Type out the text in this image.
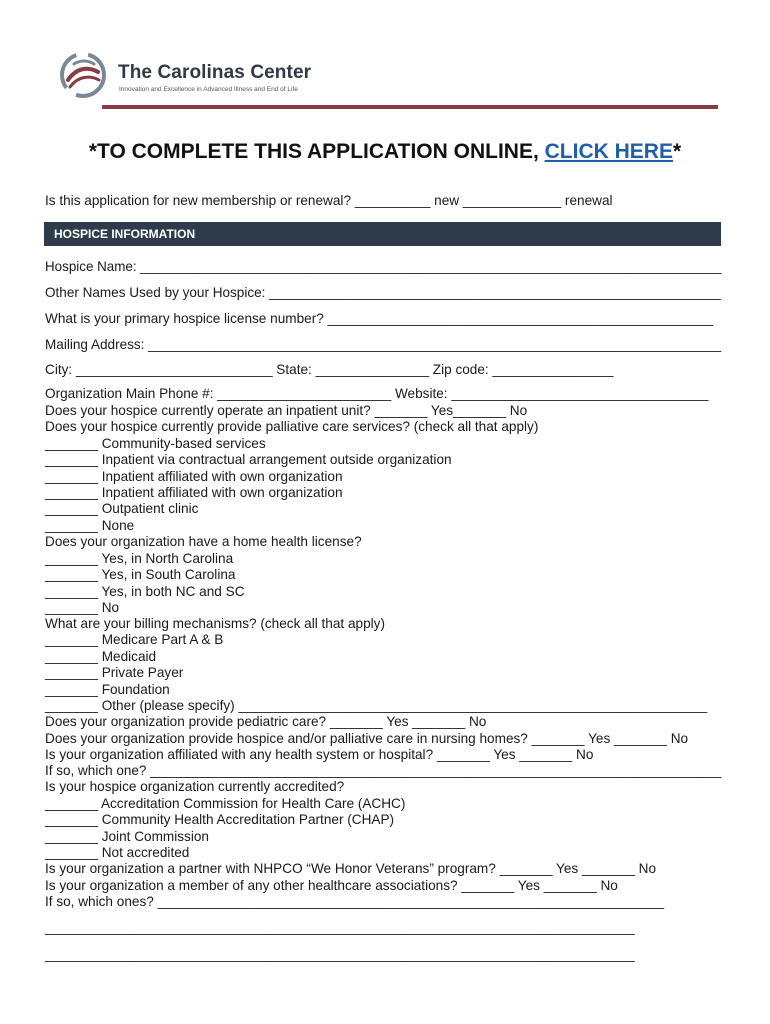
The Carolinas Center
Innovation and Excellence in Advanced Illness and End of Life
*TO COMPLETE THIS APPLICATION ONLINE, CLICK HERE*
HOSPICE INFORMATION
Is this application for new membership or renewal? __________ new _____________ renewal
Hospice Name: ______________________________________________________________________________
Other Names Used by your Hospice: ____________________________________________________________
What is your primary hospice license number? ___________________________________________________
Mailing Address: ____________________________________________________________________________
City: __________________________ State: _______________ Zip code: ________________
Organization Main Phone #: _______________________ Website: __________________________________
Does your hospice currently operate an inpatient unit? _______ Yes_______ No
Does your hospice currently provide palliative care services? (check all that apply)
_______ Community-based services
_______ Inpatient via contractual arrangement outside organization
_______ Inpatient affiliated with own organization
_______ Inpatient affiliated with own organization
_______ Outpatient clinic
_______ None
Does your organization have a home health license?
_______ Yes, in North Carolina
_______ Yes, in South Carolina
_______ Yes, in both NC and SC
_______ No
What are your billing mechanisms? (check all that apply)
_______ Medicare Part A & B
_______ Medicaid
_______ Private Payer
_______ Foundation
_______ Other (please specify) ______________________________________________________________
Does your organization provide pediatric care? _______ Yes _______ No
Does your organization provide hospice and/or palliative care in nursing homes? _______ Yes _______ No
Is your organization affiliated with any health system or hospital? _______ Yes _______ No
If so, which one? ____________________________________________________________________________
Is your hospice organization currently accredited?
_______ Accreditation Commission for Health Care (ACHC)
_______ Community Health Accreditation Partner (CHAP)
_______ Joint Commission
_______ Not accredited
Is your organization a partner with NHPCO “We Honor Veterans” program? _______ Yes _______ No
Is your organization a member of any other healthcare associations? _______ Yes _______ No
If so, which ones? ___________________________________________________________________
______________________________________________________________________________
______________________________________________________________________________
